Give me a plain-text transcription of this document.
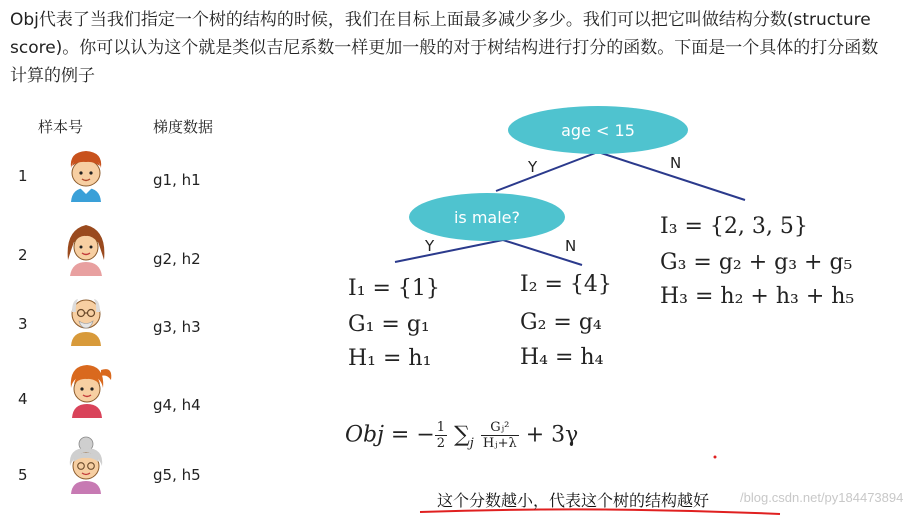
Obj代表了当我们指定一个树的结构的时候，我们在目标上面最多减少多少。我们可以把它叫做结构分数(structure score)。你可以认为这个就是类似吉尼系数一样更加一般的对于树结构进行打分的函数。下面是一个具体的打分函数计算的例子

样本号	梯度数据
1	g1, h1
2	g2, h2
3	g3, h3
4	g4, h4
5	g5, h5
age < 15
is male?
Y	N
Y	N
I₁ = {1}
G₁ = g₁
H₁ = h₁
I₂ = {4}
G₂ = g₄
H₄ = h₄
I₃ = {2, 3, 5}
G₃ = g₂ + g₃ + g₅
H₃ = h₂ + h₃ + h₅
Obj = − $\frac{1}{2} \sum_j \frac{\text{Gⱼ²}}{\text{Hⱼ+λ}} + 3\gamma$
这个分数越小，代表这个树的结构越好 /blog.csdn.net/py184473894
